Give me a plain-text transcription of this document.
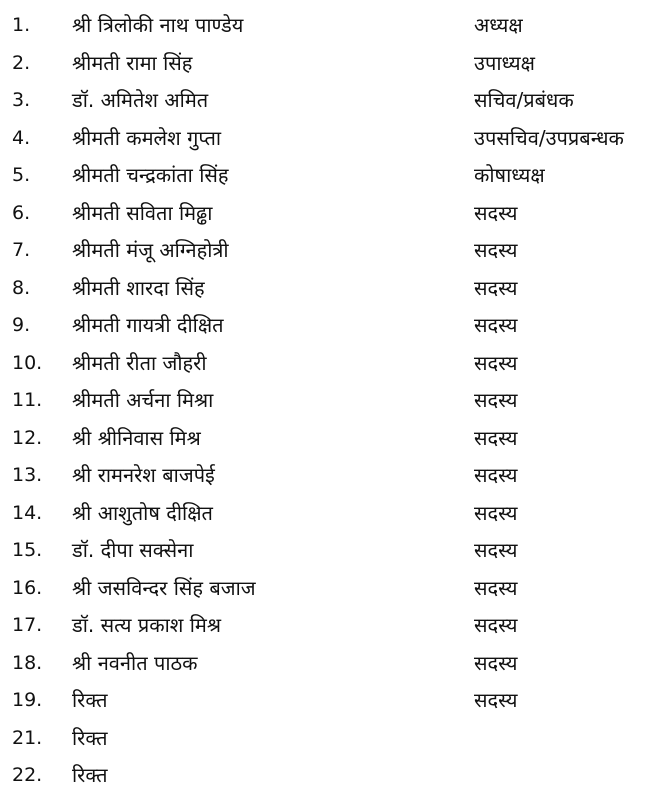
1.	श्री त्रिलोकी नाथ पाण्डेय	अध्यक्ष
2.	श्रीमती रामा सिंह	उपाध्यक्ष
3.	डॉ. अमितेश अमित	सचिव/प्रबंधक
4.	श्रीमती कमलेश गुप्ता	उपसचिव/उपप्रबन्धक
5.	श्रीमती चन्द्रकांता सिंह	कोषाध्यक्ष
6.	श्रीमती सविता मिढ्ढा	सदस्य
7.	श्रीमती मंजू अग्निहोत्री	सदस्य
8.	श्रीमती शारदा सिंह	सदस्य
9.	श्रीमती गायत्री दीक्षित	सदस्य
10.	श्रीमती रीता जौहरी	सदस्य
11.	श्रीमती अर्चना मिश्रा	सदस्य
12.	श्री श्रीनिवास मिश्र	सदस्य
13.	श्री रामनरेश बाजपेई	सदस्य
14.	श्री आशुतोष दीक्षित	सदस्य
15.	डॉ. दीपा सक्सेना	सदस्य
16.	श्री जसविन्दर सिंह बजाज	सदस्य
17.	डॉ. सत्य प्रकाश मिश्र	सदस्य
18.	श्री नवनीत पाठक	सदस्य
19.	रिक्त	सदस्य
21.	रिक्त
22.	रिक्त
